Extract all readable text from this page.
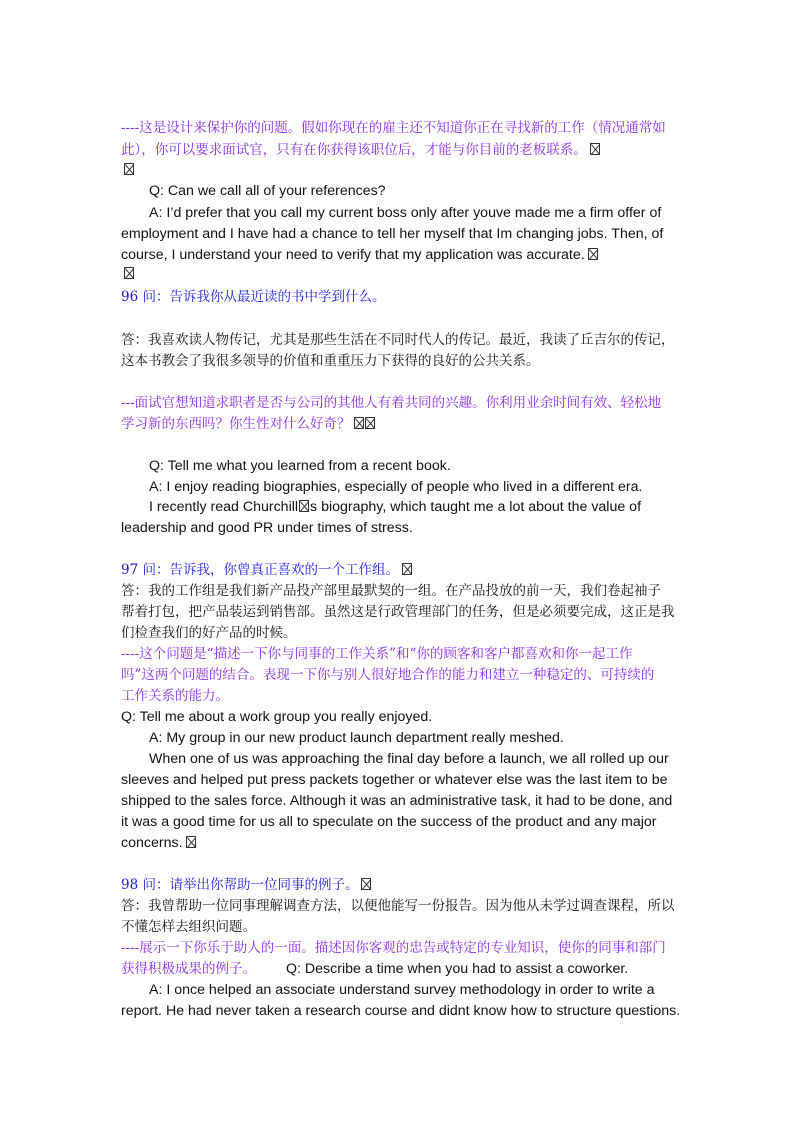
----这是设计来保护你的问题。假如你现在的雇主还不知道你正在寻找新的工作（情况通常如
此），你可以要求面试官，只有在你获得该职位后，才能与你目前的老板联系。
Q: Can we call all of your references?
A: I’d prefer that you call my current boss only after youve made me a firm offer of
employment and I have had a chance to tell her myself that Im changing jobs. Then, of
course, I understand your need to verify that my application was accurate.
96 问：告诉我你从最近读的书中学到什么。
答：我喜欢读人物传记，尤其是那些生活在不同时代人的传记。最近，我读了丘吉尔的传记，
这本书教会了我很多领导的价值和重重压力下获得的良好的公共关系。
---面试官想知道求职者是否与公司的其他人有着共同的兴趣。你利用业余时间有效、轻松地
学习新的东西吗？你生性对什么好奇？
Q: Tell me what you learned from a recent book.
A: I enjoy reading biographies, especially of people who lived in a different era.
I recently read Churchill s biography, which taught me a lot about the value of
leadership and good PR under times of stress.
97 问：告诉我，你曾真正喜欢的一个工作组。
答：我的工作组是我们新产品投产部里最默契的一组。在产品投放的前一天，我们卷起袖子
帮着打包，把产品装运到销售部。虽然这是行政管理部门的任务，但是必须要完成，这正是我
们检查我们的好产品的时候。
----这个问题是“描述一下你与同事的工作关系”和“你的顾客和客户都喜欢和你一起工作
吗”这两个问题的结合。表现一下你与别人很好地合作的能力和建立一种稳定的、可持续的
工作关系的能力。
Q: Tell me about a work group you really enjoyed.
A: My group in our new product launch department really meshed.
When one of us was approaching the final day before a launch, we all rolled up our
sleeves and helped put press packets together or whatever else was the last item to be
shipped to the sales force. Although it was an administrative task, it had to be done, and
it was a good time for us all to speculate on the success of the product and any major
concerns.
98 问：请举出你帮助一位同事的例子。
答：我曾帮助一位同事理解调查方法，以便他能写一份报告。因为他从未学过调查课程，所以
不懂怎样去组织问题。
----展示一下你乐于助人的一面。描述因你客观的忠告或特定的专业知识，使你的同事和部门
获得积极成果的例子。 Q: Describe a time when you had to assist a coworker.
A: I once helped an associate understand survey methodology in order to write a
report. He had never taken a research course and didnt know how to structure questions.
